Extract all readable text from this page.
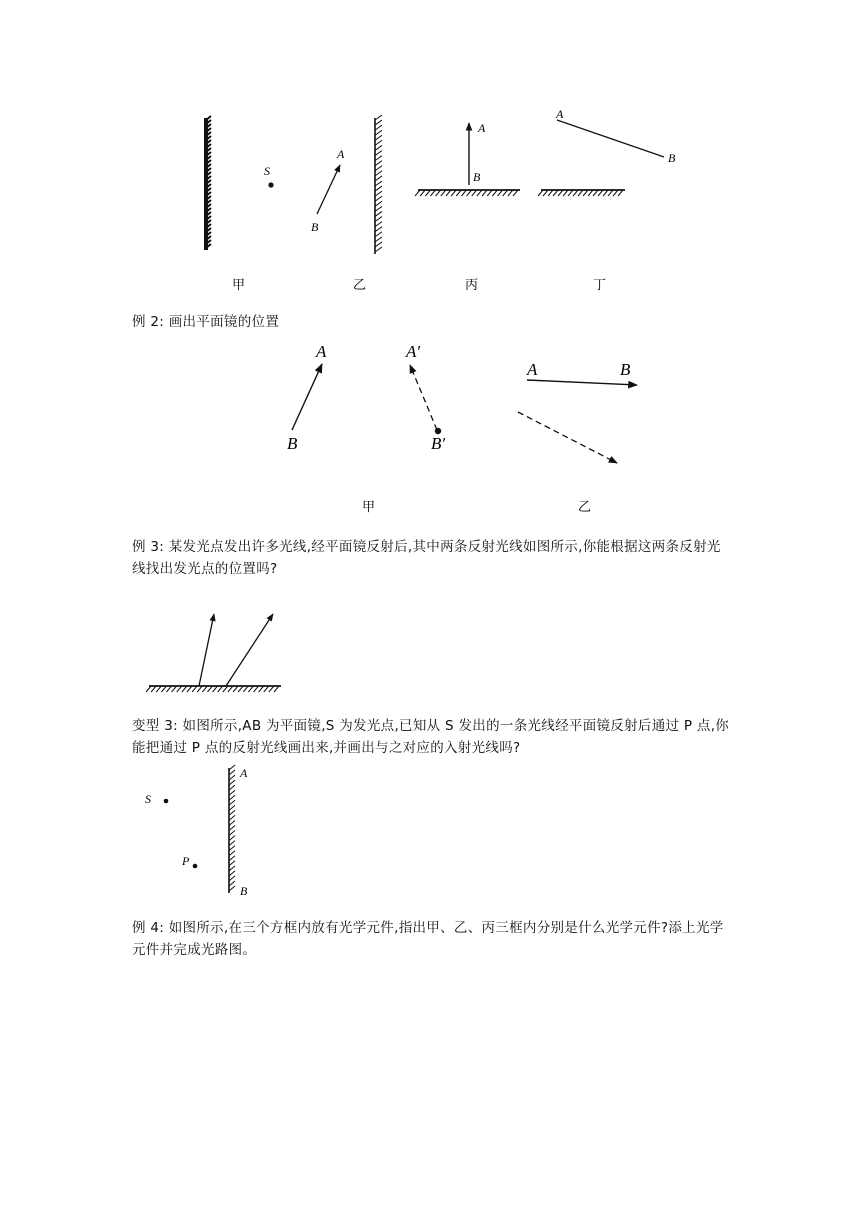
S
A
B
A
B
A
B
甲	乙	丙	丁
A
B
A′
B′
A	B
甲	乙
A
B
S
P
例 2: 画出平面镜的位置
例 3: 某发光点发出许多光线,经平面镜反射后,其中两条反射光线如图所示,你能根据这两条反射光线找出发光点的位置吗?
变型 3: 如图所示,AB 为平面镜,S 为发光点,已知从 S 发出的一条光线经平面镜反射后通过 P 点,你能把通过 P 点的反射光线画出来,并画出与之对应的入射光线吗?
例 4: 如图所示,在三个方框内放有光学元件,指出甲、乙、丙三框内分别是什么光学元件?添上光学元件并完成光路图。
